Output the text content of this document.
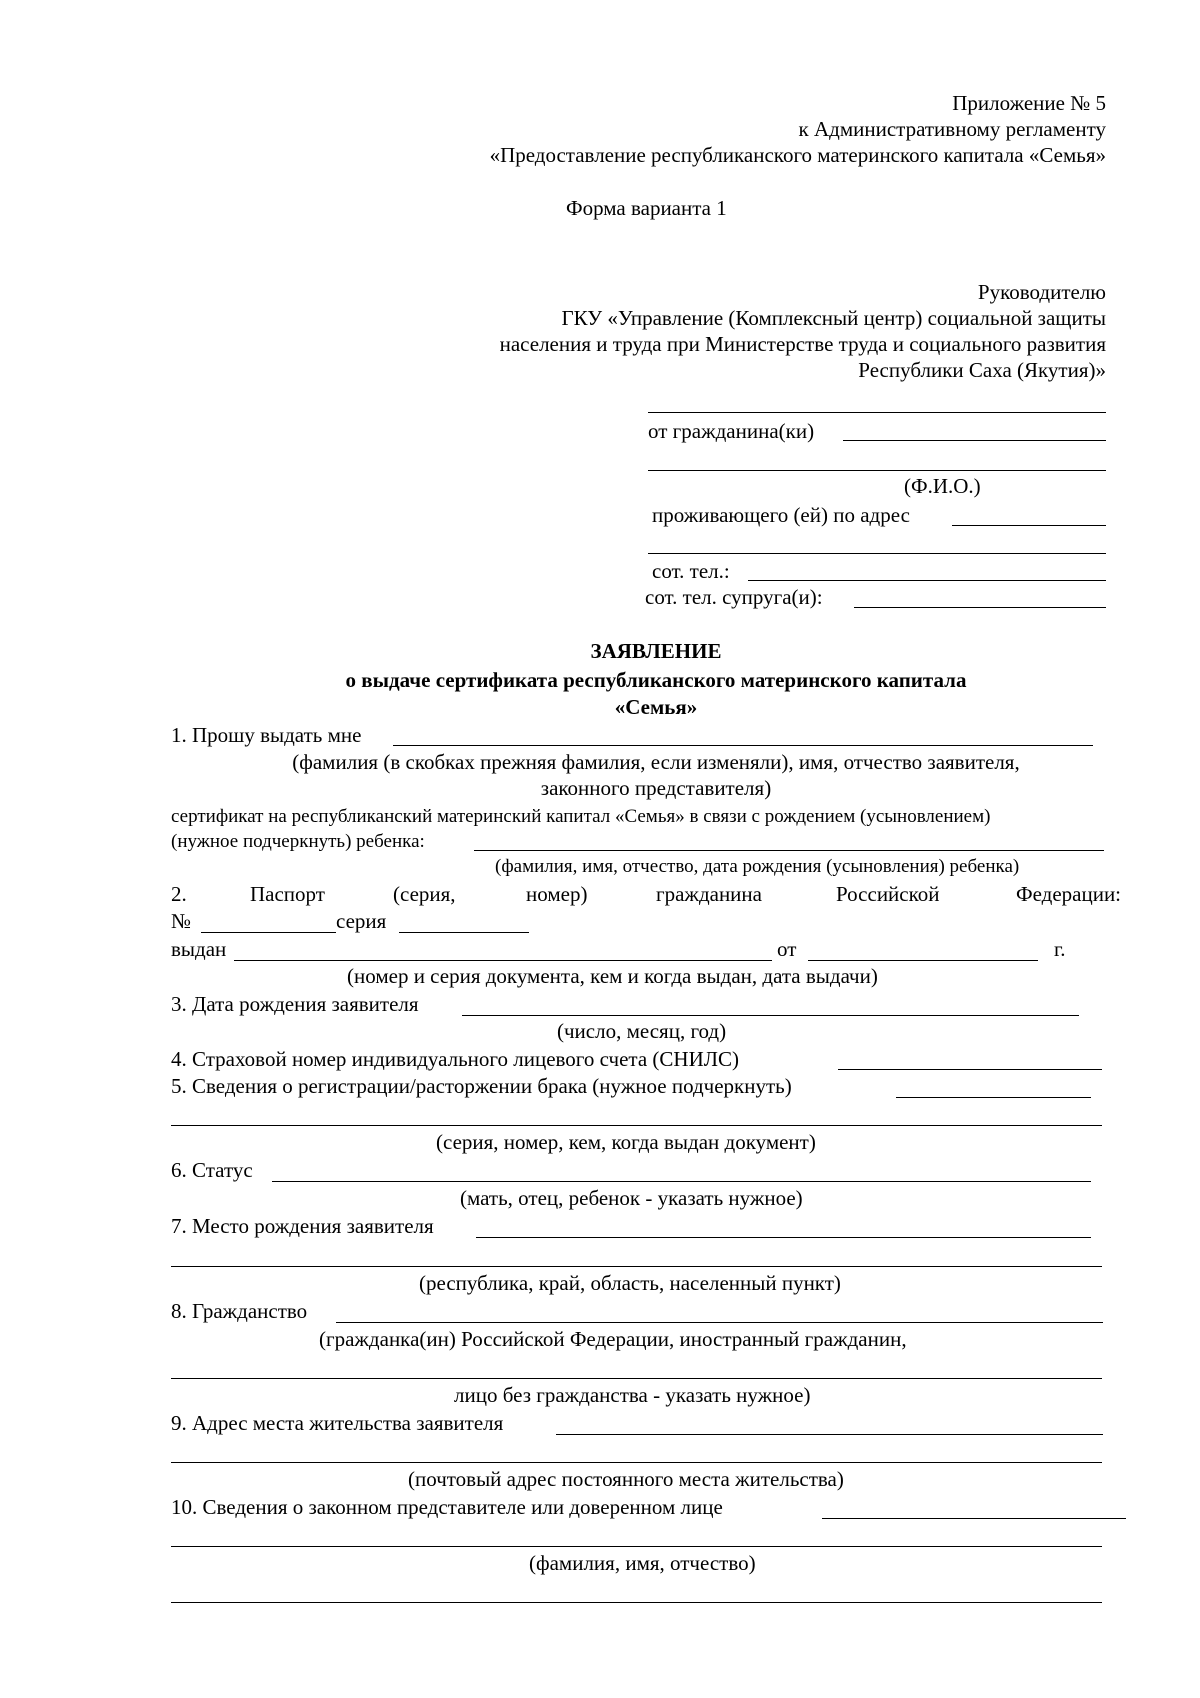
Приложение № 5
к Административному регламенту
«Предоставление республиканского материнского капитала «Семья»
Форма варианта 1
Руководителю
ГКУ «Управление (Комплексный центр) социальной защиты
населения и труда при Министерстве труда и социального развития
Республики Саха (Якутия)»
от гражданина(ки)
(Ф.И.О.)
проживающего (ей) по адрес
сот. тел.:
сот. тел. супруга(и):
ЗАЯВЛЕНИЕ
о выдаче сертификата республиканского материнского капитала
«Семья»
1. Прошу выдать мне
(фамилия (в скобках прежняя фамилия, если изменяли), имя, отчество заявителя,
законного представителя)
сертификат на республиканский материнский капитал «Семья» в связи с рождением (усыновлением)
(нужное подчеркнуть) ребенка:
(фамилия, имя, отчество, дата рождения (усыновления) ребенка)
2.	Паспорт	(серия,	номер)	гражданина	Российской	Федерации:
№	серия
выдан	от	г.
(номер и серия документа, кем и когда выдан, дата выдачи)
3. Дата рождения заявителя
(число, месяц, год)
4. Страховой номер индивидуального лицевого счета (СНИЛС)
5. Сведения о регистрации/расторжении брака (нужное подчеркнуть)
(серия, номер, кем, когда выдан документ)
6. Статус
(мать, отец, ребенок - указать нужное)
7. Место рождения заявителя
(республика, край, область, населенный пункт)
8. Гражданство
(гражданка(ин) Российской Федерации, иностранный гражданин,
лицо без гражданства - указать нужное)
9. Адрес места жительства заявителя
(почтовый адрес постоянного места жительства)
10. Сведения о законном представителе или доверенном лице
(фамилия, имя, отчество)
